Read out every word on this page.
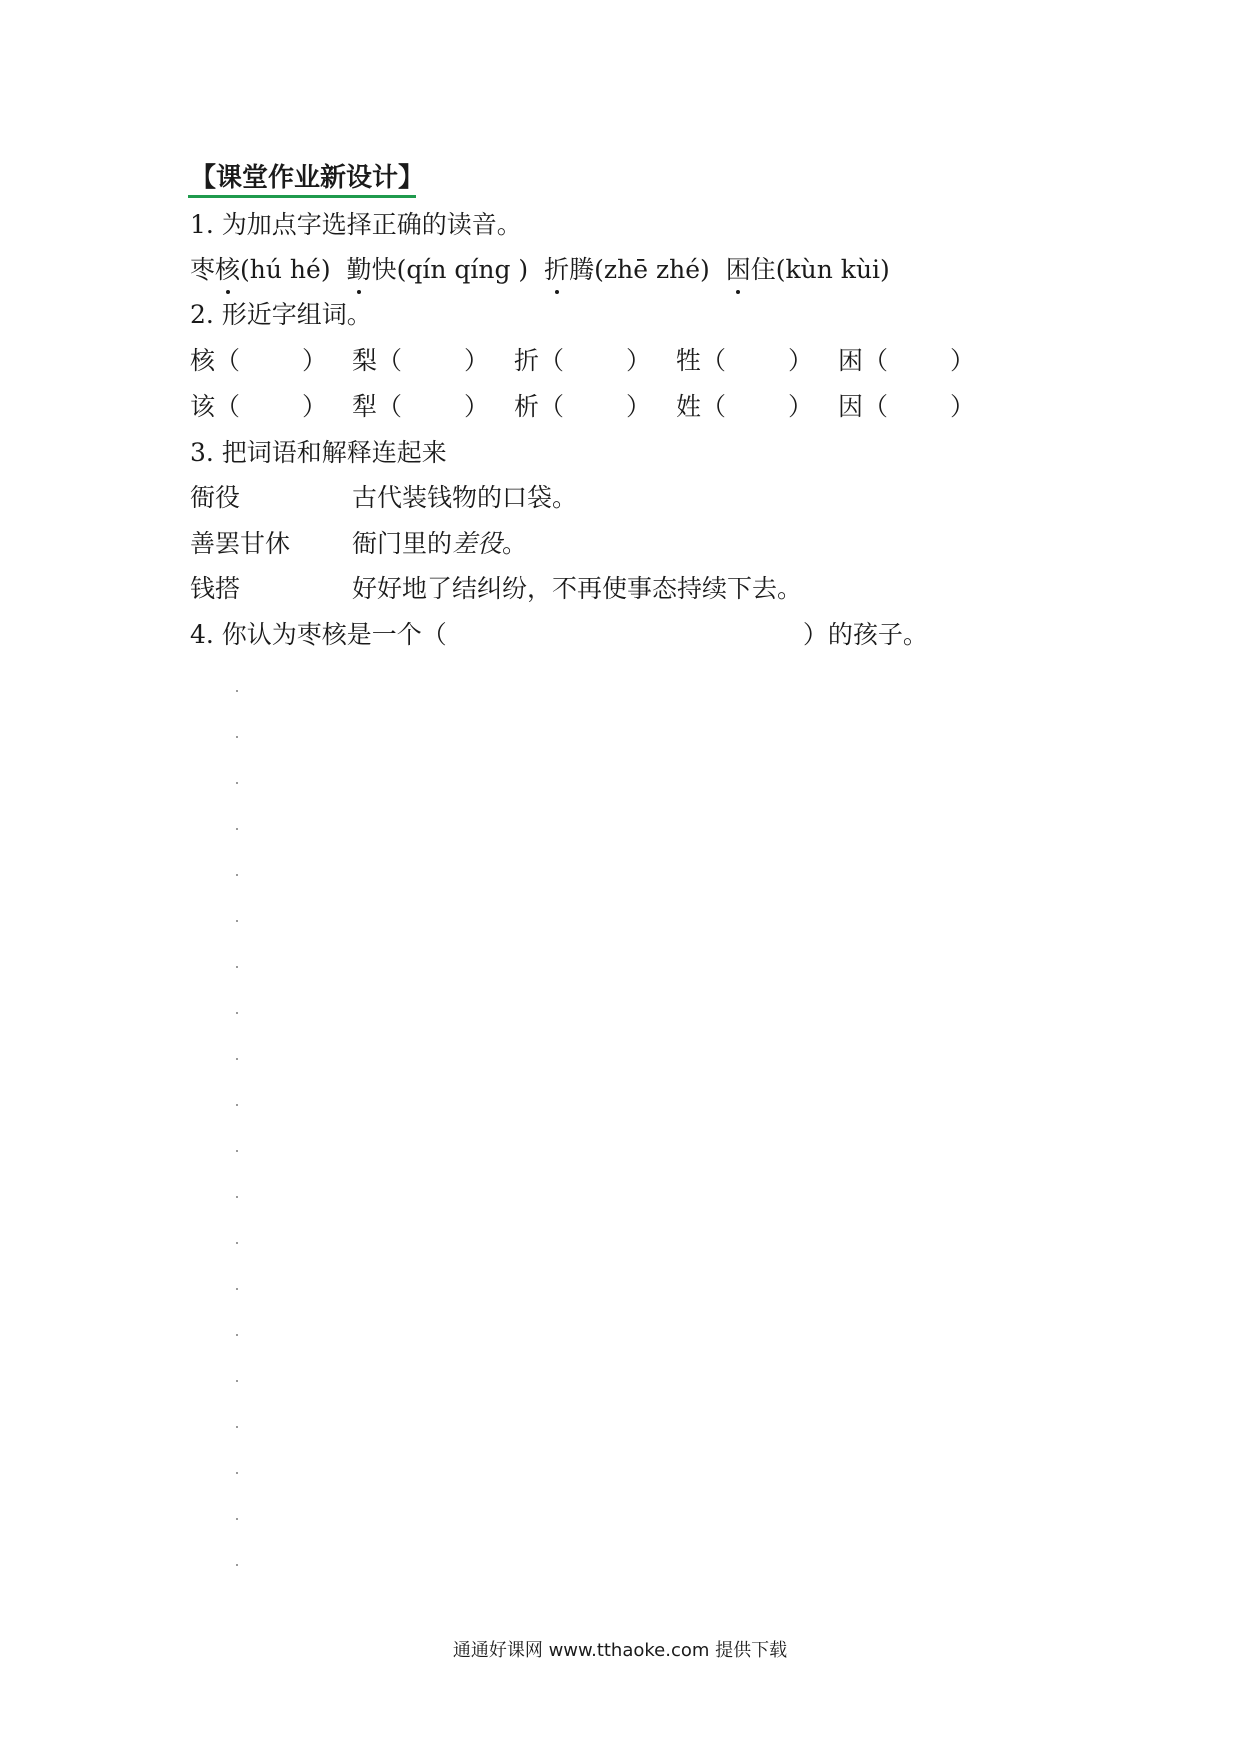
【课堂作业新设计】
1. 为加点字选择正确的读音。
枣核(hú hé) 勤快(qín qíng ) 折腾(zhē zhé) 困住(kùn kùi)
2. 形近字组词。
核（ ） 梨（ ） 折（ ） 牲（ ） 困（ ）
该（ ） 犁（ ） 析（ ） 姓（ ） 因（ ）
3. 把词语和解释连起来
衙役	古代装钱物的口袋。
善罢甘休 衙门里的差役。
钱搭	好好地了结纠纷，不再使事态持续下去。
4. 你认为枣核是一个（	）的孩子。
通通好课网 www.tthaoke.com 提供下载
